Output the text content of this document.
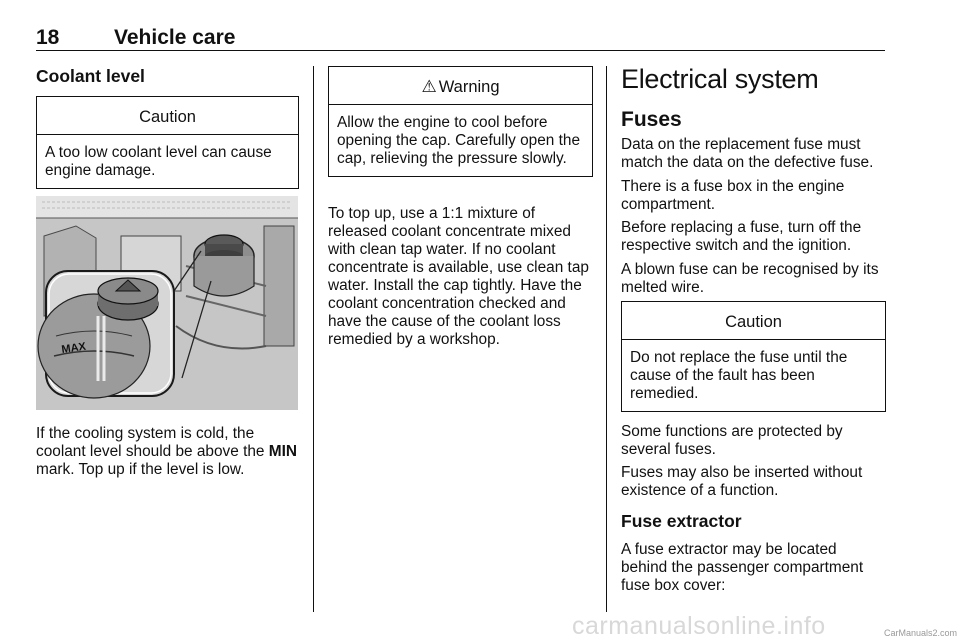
18	Vehicle care
Coolant level
Caution
A too low coolant level can cause engine damage.
MAX
If the cooling system is cold, the coolant level should be above the MIN mark. Top up if the level is low.
⚠ Warning
Allow the engine to cool before opening the cap. Carefully open the cap, relieving the pressure slowly.
To top up, use a 1:1 mixture of released coolant concentrate mixed with clean tap water. If no coolant concentrate is available, use clean tap water. Install the cap tightly. Have the coolant concentration checked and have the cause of the coolant loss remedied by a workshop.
Electrical system
Fuses
Data on the replacement fuse must match the data on the defective fuse.
There is a fuse box in the engine compartment.
Before replacing a fuse, turn off the respective switch and the ignition.
A blown fuse can be recognised by its melted wire.
Caution
Do not replace the fuse until the cause of the fault has been remedied.
Some functions are protected by several fuses.
Fuses may also be inserted without existence of a function.
Fuse extractor
A fuse extractor may be located behind the passenger compartment fuse box cover:
carmanualsonline.info	CarManuals2.com
